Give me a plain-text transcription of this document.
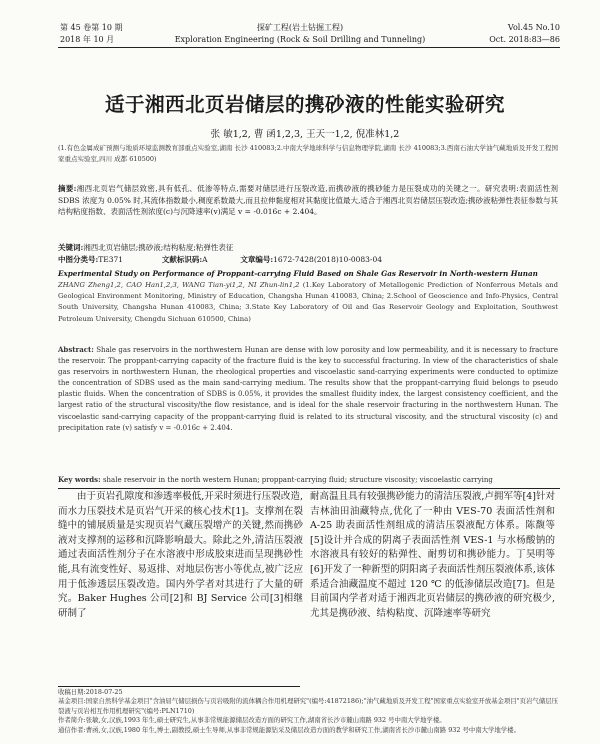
第 45 卷第 10 期
2018 年 10 月
探矿工程(岩土钻掘工程)
Exploration Engineering (Rock & Soil Drilling and Tunneling)
Vol.45 No.10
Oct. 2018:83—86
适于湘西北页岩储层的携砂液的性能实验研究
张 敏1,2, 曹 函1,2,3, 王天一1,2, 倪准林1,2
(1.有色金属成矿预测与地质环境监测教育部重点实验室,湖南 长沙 410083;2.中南大学地球科学与信息物理学院,湖南 长沙 410083;3.西南石油大学油气藏地质及开发工程国家重点实验室,四川 成都 610500)
摘要:湘西北页岩气储层致密,具有低孔、低渗等特点,需要对储层进行压裂改造,而携砂液的携砂能力是压裂成功的关键之一。研究表明:表面活性剂 SDBS 浓度为 0.05% 时,其流体指数最小,稠度系数最大,而且拉伸黏度相对其黏度比值最大,适合于湘西北页岩储层压裂改造;携砂液粘弹性表征参数与其结构粘度指数、表面活性剂浓度(c)与沉降速率(v)满足 v = -0.016c + 2.404。
关键词:湘西北页岩储层;携砂液;结构粘度;粘弹性表征
中图分类号:TE371	文献标识码:A	文章编号:1672-7428(2018)10-0083-04
Experimental Study on Performance of Proppant-carrying Fluid Based on Shale Gas Reservoir in North-western Hunan
ZHANG Zheng1,2, CAO Han1,2,3, WANG Tian-yi1,2, NI Zhun-lin1,2 (1.Key Laboratory of Metallogenic Prediction of Nonferrous Metals and Geological Environment Monitoring, Ministry of Education, Changsha Hunan 410083, China; 2.School of Geoscience and Info-Physics, Central South University, Changsha Hunan 410083, China; 3.State Key Laboratory of Oil and Gas Reservoir Geology and Exploitation, Southwest Petroleum University, Chengdu Sichuan 610500, China)
Abstract: Shale gas reservoirs in the northwestern Hunan are dense with low porosity and low permeability, and it is necessary to fracture the reservoir. The proppant-carrying capacity of the fracture fluid is the key to successful fracturing. In view of the characteristics of shale gas reservoirs in northwestern Hunan, the rheological properties and viscoelastic sand-carrying experiments were conducted to optimize the concentration of SDBS used as the main sand-carrying medium. The results show that the proppant-carrying fluid belongs to pseudo plastic fluids. When the concentration of SDBS is 0.05%, it provides the smallest fluidity index, the largest consistency coefficient, and the largest ratio of the structural viscosity/the flow resistance, and is ideal for the shale reservoir fracturing in the northwestern Hunan. The viscoelastic sand-carrying capacity of the proppant-carrying fluid is related to its structural viscosity, and the structural viscosity (c) and precipitation rate (v) satisfy v = -0.016c + 2.404.
Key words: shale reservoir in the north western Hunan; proppant-carrying fluid; structure viscosity; viscoelastic carrying
由于页岩孔隙度和渗透率极低,开采时须进行压裂改造,而水力压裂技术是页岩气开采的核心技术[1]。支撑剂在裂缝中的铺展质量是实现页岩气藏压裂增产的关键,然而携砂液对支撑剂的运移和沉降影响最大。除此之外,清洁压裂液通过表面活性剂分子在水溶液中形成胶束进而呈现携砂性能,具有流变性好、易返排、对地层伤害小等优点,被广泛应用于低渗透层压裂改造。国内外学者对其进行了大量的研究。Baker Hughes 公司[2]和 BJ Service 公司[3]相继研制了
耐高温且具有较强携砂能力的清洁压裂液,卢拥军等[4]针对吉林油田油藏特点,优化了一种由 VES-70 表面活性剂和 A-25 助表面活性剂组成的清洁压裂液配方体系。陈馥等[5]设计并合成的阴离子表面活性剂 VES-1 与水杨酸钠的水溶液具有较好的粘弹性、耐剪切和携砂能力。丁昊明等[6]开发了一种新型的阴阳离子表面活性剂压裂液体系,该体系适合油藏温度不超过 120 ℃ 的低渗储层改造[7]。但是目前国内学者对适于湘西北页岩储层的携砂液的研究极少,尤其是携砂液、结构粘度、沉降速率等研究
收稿日期:2018-07-25
基金项目:国家自然科学基金项目"含油屈气储层损伤与页岩吸附的流体耦合作用机理研究"(编号:41872186);"油气藏地质及开发工程"国家重点实验室开放基金项目"页岩气储层压裂液与页岩相互作用机理研究"(编号:PLN1710)
作者简介:张敏,女,汉族,1993 年生,硕士研究生,从事非常规能源储层改造方面的研究工作,湖南省长沙市麓山南路 932 号中南大学地学楼。
通信作者:曹函,女,汉族,1980 年生,博士,副教授,硕士生导师,从事非常规能源钻采及储层改造方面的教学和研究工作,湖南省长沙市麓山南路 932 号中南大学地学楼。
